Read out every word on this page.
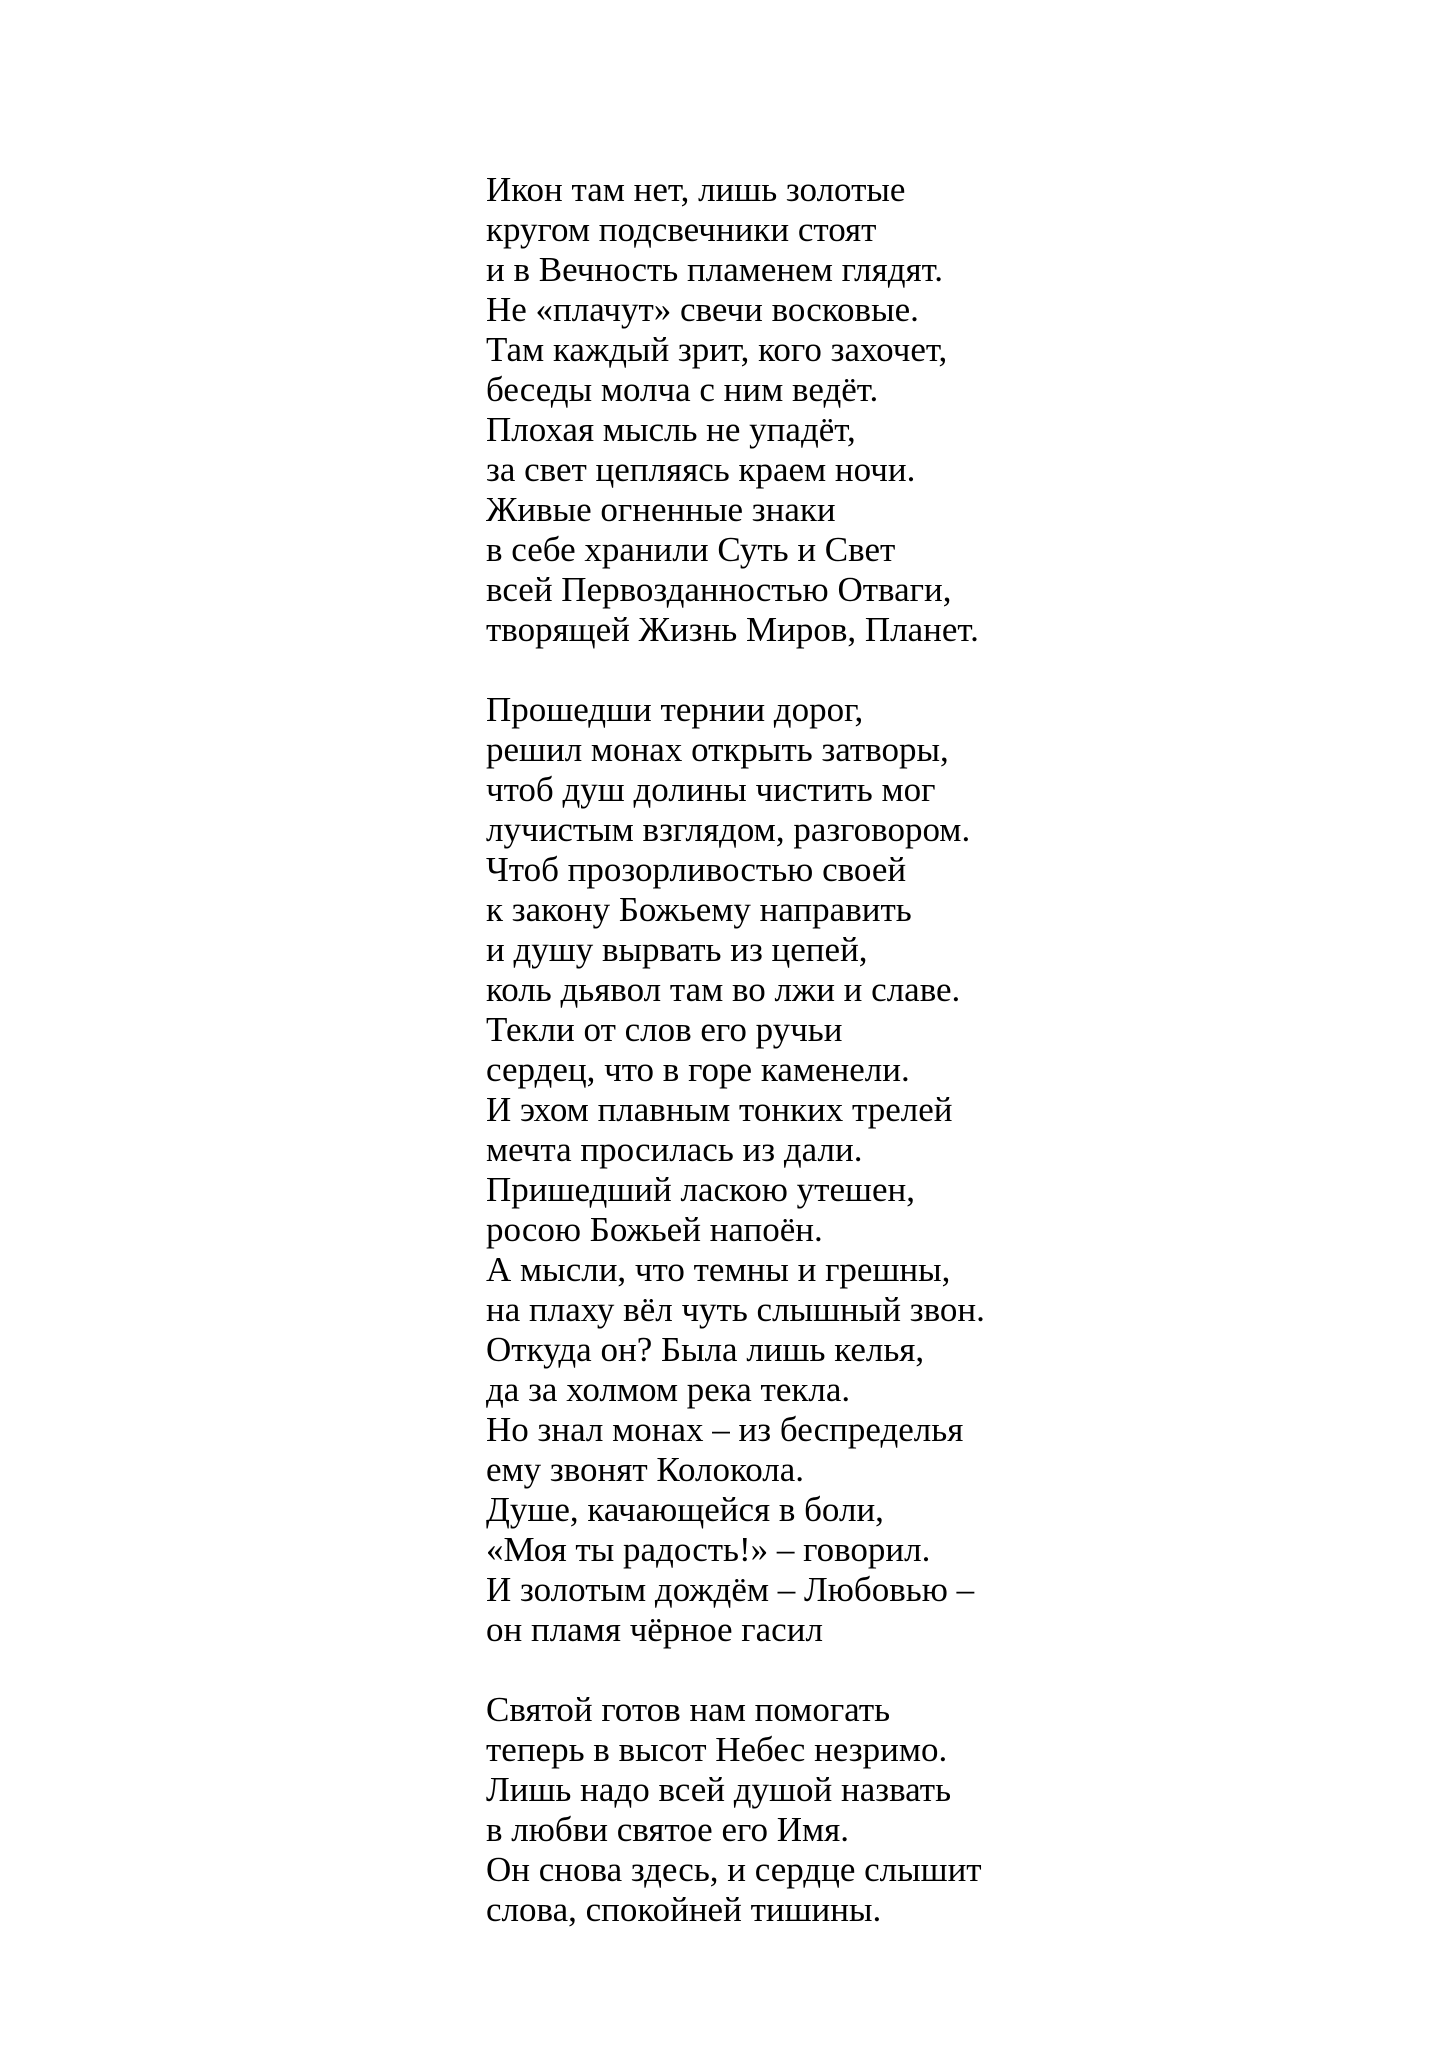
Икон там нет, лишь золотые
кругом подсвечники стоят
и в Вечность пламенем глядят.
Не «плачут» свечи восковые.
Там каждый зрит, кого захочет,
беседы молча с ним ведёт.
Плохая мысль не упадёт,
за свет цепляясь краем ночи.
Живые огненные знаки
в себе хранили Суть и Свет
всей Первозданностью Отваги,
творящей Жизнь Миров, Планет.
Прошедши тернии дорог,
решил монах открыть затворы,
чтоб душ долины чистить мог
лучистым взглядом, разговором.
Чтоб прозорливостью своей
к закону Божьему направить
и душу вырвать из цепей,
коль дьявол там во лжи и славе.
Текли от слов его ручьи
сердец, что в горе каменели.
И эхом плавным тонких трелей
мечта просилась из дали.
Пришедший ласкою утешен,
росою Божьей напоён.
А мысли, что темны и грешны,
на плаху вёл чуть слышный звон.
Откуда он? Была лишь келья,
да за холмом река текла.
Но знал монах – из беспределья
ему звонят Колокола.
Душе, качающейся в боли,
«Моя ты радость!» – говорил.
И золотым дождём – Любовью –
он пламя чёрное гасил
Святой готов нам помогать
теперь в высот Небес незримо.
Лишь надо всей душой назвать
в любви святое его Имя.
Он снова здесь, и сердце слышит
слова, спокойней тишины.
